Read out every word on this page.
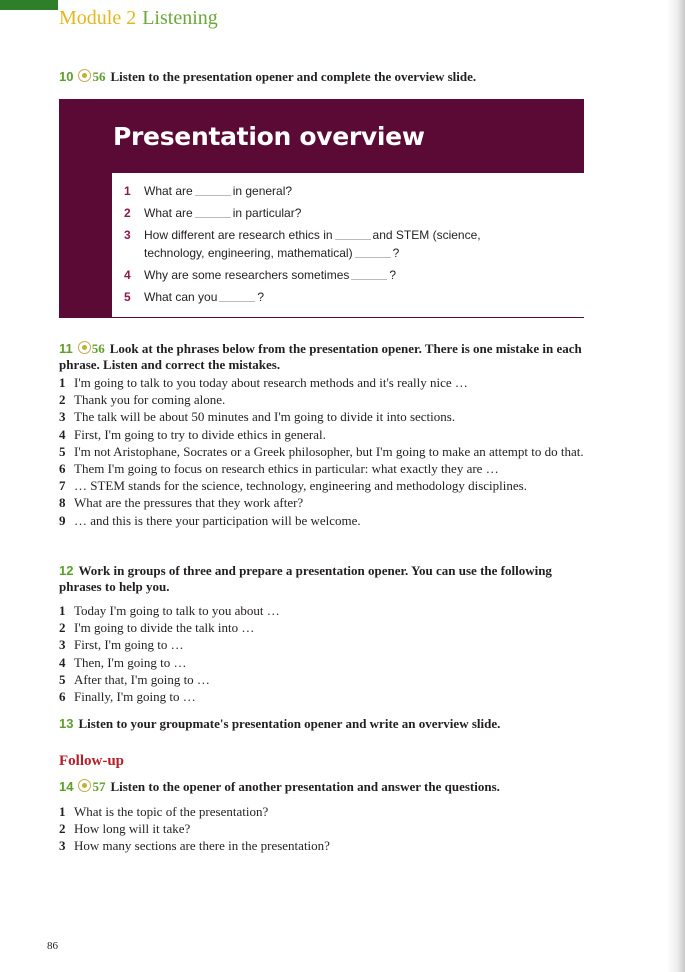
Module 2 Listening
10 56 Listen to the presentation opener and complete the overview slide.
Presentation overview
1	What are	in general?
2	What are	in particular?
3	How different are research ethics in	and STEM (science,
technology, engineering, mathematical)	?
4	Why are some researchers sometimes	?
5	What can you	?
11 56 Look at the phrases below from the presentation opener. There is one mistake in each phrase. Listen and correct the mistakes.
1 I'm going to talk to you today about research methods and it's really nice …
2 Thank you for coming alone.
3 The talk will be about 50 minutes and I'm going to divide it into sections.
4 First, I'm going to try to divide ethics in general.
5 I'm not Aristophane, Socrates or a Greek philosopher, but I'm going to make an attempt to do that.
6 Them I'm going to focus on research ethics in particular: what exactly they are …
7 … STEM stands for the science, technology, engineering and methodology disciplines.
8 What are the pressures that they work after?
9 … and this is there your participation will be welcome.
12 Work in groups of three and prepare a presentation opener. You can use the following phrases to help you.
1 Today I'm going to talk to you about …
2 I'm going to divide the talk into …
3 First, I'm going to …
4 Then, I'm going to …
5 After that, I'm going to …
6 Finally, I'm going to …
13 Listen to your groupmate's presentation opener and write an overview slide.
Follow-up
14 57 Listen to the opener of another presentation and answer the questions.
1 What is the topic of the presentation?
2 How long will it take?
3 How many sections are there in the presentation?
86
